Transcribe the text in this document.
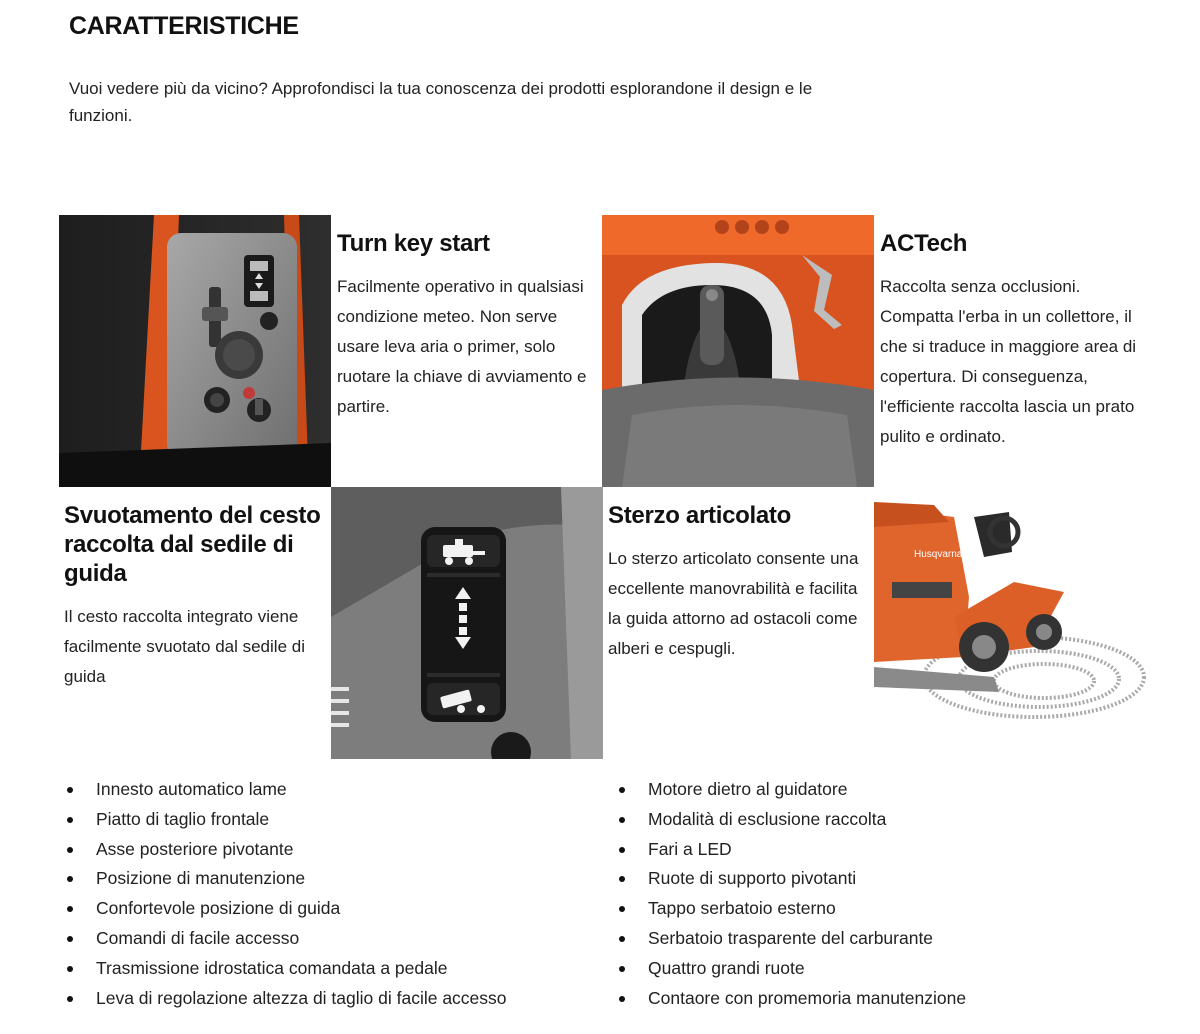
CARATTERISTICHE

Vuoi vedere più da vicino? Approfondisci la tua conoscenza dei prodotti esplorandone il design e le funzioni.

Turn key start

Facilmente operativo in qualsiasi condizione meteo. Non serve usare leva aria o primer, solo ruotare la chiave di avviamento e partire.

ACTech

Raccolta senza occlusioni. Compatta l'erba in un collettore, il che si traduce in maggiore area di copertura. Di conseguenza, l'efficiente raccolta lascia un prato pulito e ordinato.

Svuotamento del cesto raccolta dal sedile di guida

Il cesto raccolta integrato viene facilmente svuotato dal sedile di guida

Sterzo articolato

Lo sterzo articolato consente una eccellente manovrabilità e facilita la guida attorno ad ostacoli come alberi e cespugli.

Husqvarna
Innesto automatico lame
Piatto di taglio frontale
Asse posteriore pivotante
Posizione di manutenzione
Confortevole posizione di guida
Comandi di facile accesso
Trasmissione idrostatica comandata a pedale
Leva di regolazione altezza di taglio di facile accesso
Motore dietro al guidatore
Modalità di esclusione raccolta
Fari a LED
Ruote di supporto pivotanti
Tappo serbatoio esterno
Serbatoio trasparente del carburante
Quattro grandi ruote
Contaore con promemoria manutenzione
